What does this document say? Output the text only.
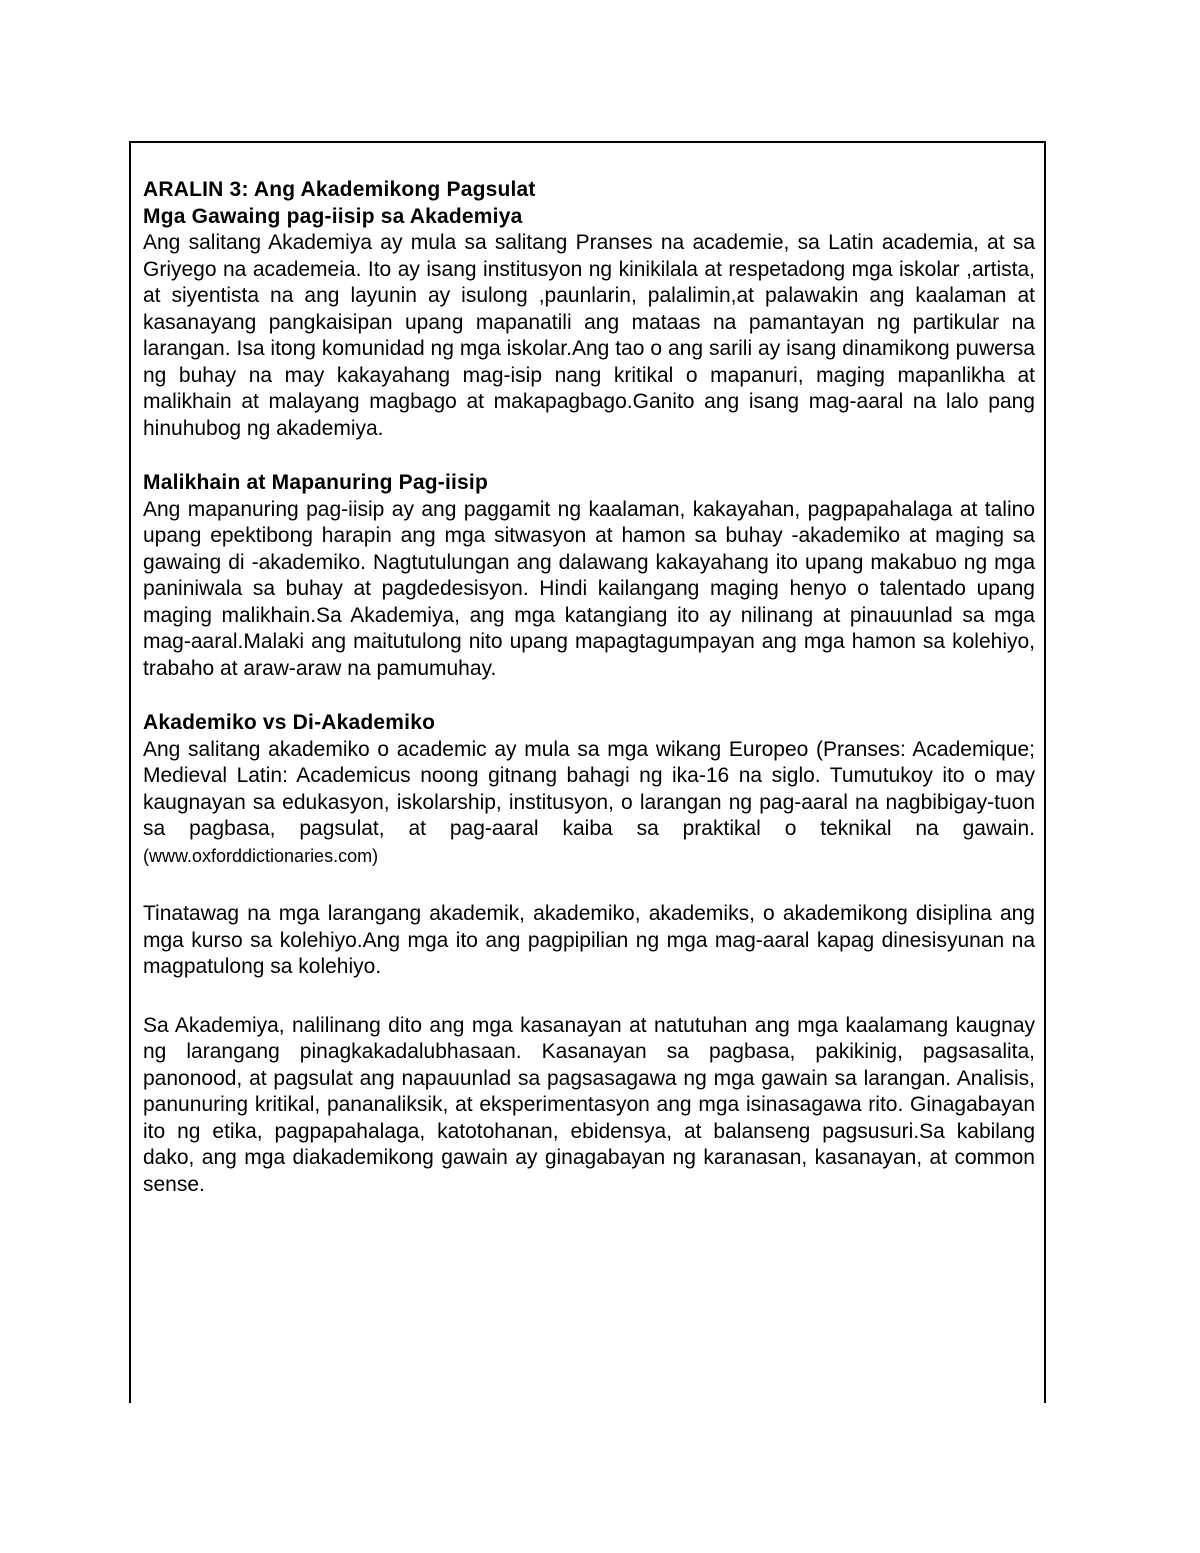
ARALIN 3: Ang Akademikong Pagsulat

Mga Gawaing pag-iisip sa Akademiya

Ang salitang Akademiya ay mula sa salitang Pranses na academie, sa Latin academia, at sa Griyego na academeia. Ito ay isang institusyon ng kinikilala at respetadong mga iskolar ,artista, at siyentista na ang layunin ay isulong ,paunlarin, palalimin,at palawakin ang kaalaman at kasanayang pangkaisipan upang mapanatili ang mataas na pamantayan ng partikular na larangan. Isa itong komunidad ng mga iskolar.Ang tao o ang sarili ay isang dinamikong puwersa ng buhay na may kakayahang mag-isip nang kritikal o mapanuri, maging mapanlikha at malikhain at malayang magbago at makapagbago.Ganito ang isang mag-aaral na lalo pang hinuhubog ng akademiya.

Malikhain at Mapanuring Pag-iisip

Ang mapanuring pag-iisip ay ang paggamit ng kaalaman, kakayahan, pagpapahalaga at talino upang epektibong harapin ang mga sitwasyon at hamon sa buhay -akademiko at maging sa gawaing di -akademiko. Nagtutulungan ang dalawang kakayahang ito upang makabuo ng mga paniniwala sa buhay at pagdedesisyon. Hindi kailangang maging henyo o talentado upang maging malikhain.Sa Akademiya, ang mga katangiang ito ay nilinang at pinauunlad sa mga mag-aaral.Malaki ang maitutulong nito upang mapagtagumpayan ang mga hamon sa kolehiyo, trabaho at araw-araw na pamumuhay.

Akademiko vs Di-Akademiko

Ang salitang akademiko o academic ay mula sa mga wikang Europeo (Pranses: Academique; Medieval Latin: Academicus noong gitnang bahagi ng ika-16 na siglo. Tumutukoy ito o may kaugnayan sa edukasyon, iskolarship, institusyon, o larangan ng pag-aaral na nagbibigay-tuon sa pagbasa, pagsulat, at pag-aaral kaiba sa praktikal o teknikal na gawain. (www.oxforddictionaries.com)

Tinatawag na mga larangang akademik, akademiko, akademiks, o akademikong disiplina ang mga kurso sa kolehiyo.Ang mga ito ang pagpipilian ng mga mag-aaral kapag dinesisyunan na magpatulong sa kolehiyo.

Sa Akademiya, nalilinang dito ang mga kasanayan at natutuhan ang mga kaalamang kaugnay ng larangang pinagkakadalubhasaan. Kasanayan sa pagbasa, pakikinig, pagsasalita, panonood, at pagsulat ang napauunlad sa pagsasagawa ng mga gawain sa larangan. Analisis, panunuring kritikal, pananaliksik, at eksperimentasyon ang mga isinasagawa rito. Ginagabayan ito ng etika, pagpapahalaga, katotohanan, ebidensya, at balanseng pagsusuri.Sa kabilang dako, ang mga diakademikong gawain ay ginagabayan ng karanasan, kasanayan, at common sense.
